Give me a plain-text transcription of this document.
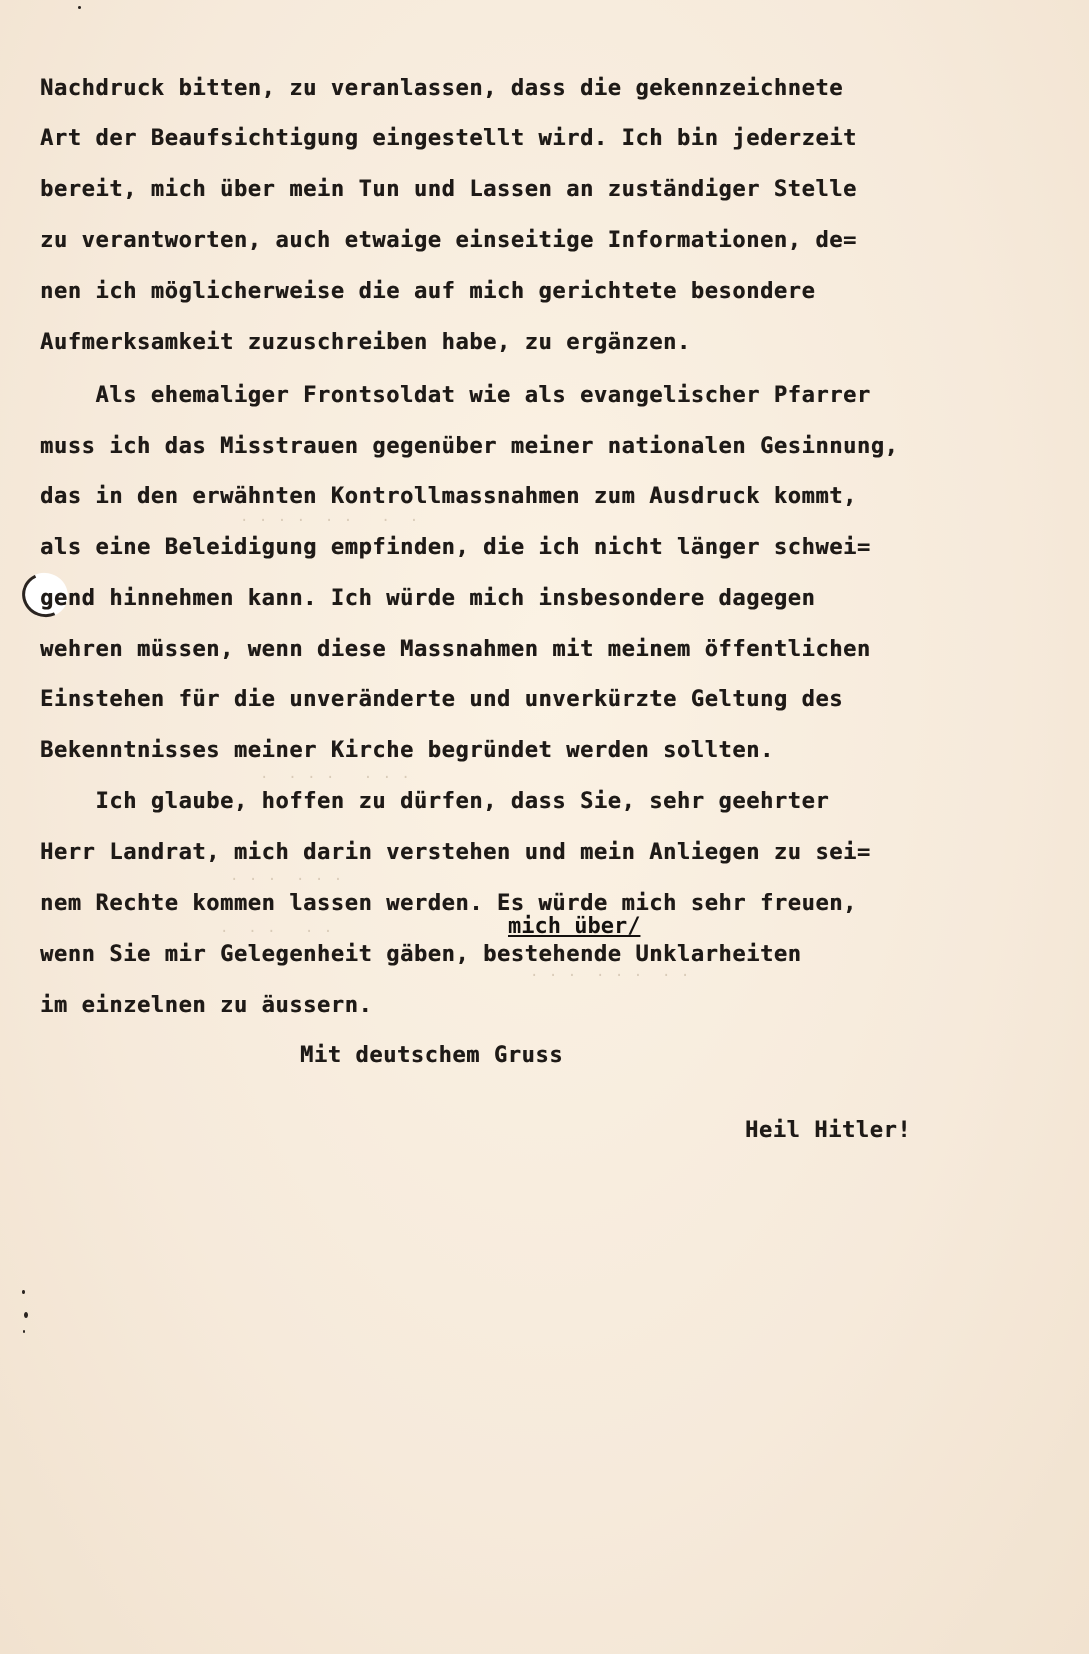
· · · ·  · ·   ·  ·
·  · · ·   · · ·
· · ·  · · ·
·  · ·   · ·
· · ·  · · ·  · ·
Nachdruck bitten, zu veranlassen, dass die gekennzeichnete
Art der Beaufsichtigung eingestellt wird. Ich bin jederzeit
bereit, mich über mein Tun und Lassen an zuständiger Stelle
zu verantworten, auch etwaige einseitige Informationen, de=
nen ich möglicherweise die auf mich gerichtete besondere
Aufmerksamkeit zuzuschreiben habe, zu ergänzen.
Als ehemaliger Frontsoldat wie als evangelischer Pfarrer
muss ich das Misstrauen gegenüber meiner nationalen Gesinnung,
das in den erwähnten Kontrollmassnahmen zum Ausdruck kommt,
als eine Beleidigung empfinden, die ich nicht länger schwei=
gend hinnehmen kann. Ich würde mich insbesondere dagegen
wehren müssen, wenn diese Massnahmen mit meinem öffentlichen
Einstehen für die unveränderte und unverkürzte Geltung des
Bekenntnisses meiner Kirche begründet werden sollten.
Ich glaube, hoffen zu dürfen, dass Sie, sehr geehrter
Herr Landrat, mich darin verstehen und mein Anliegen zu sei=
nem Rechte kommen lassen werden. Es würde mich sehr freuen,
mich über/
wenn Sie mir Gelegenheit gäben, bestehende Unklarheiten
im einzelnen zu äussern.
Mit deutschem Gruss
Heil Hitler!
